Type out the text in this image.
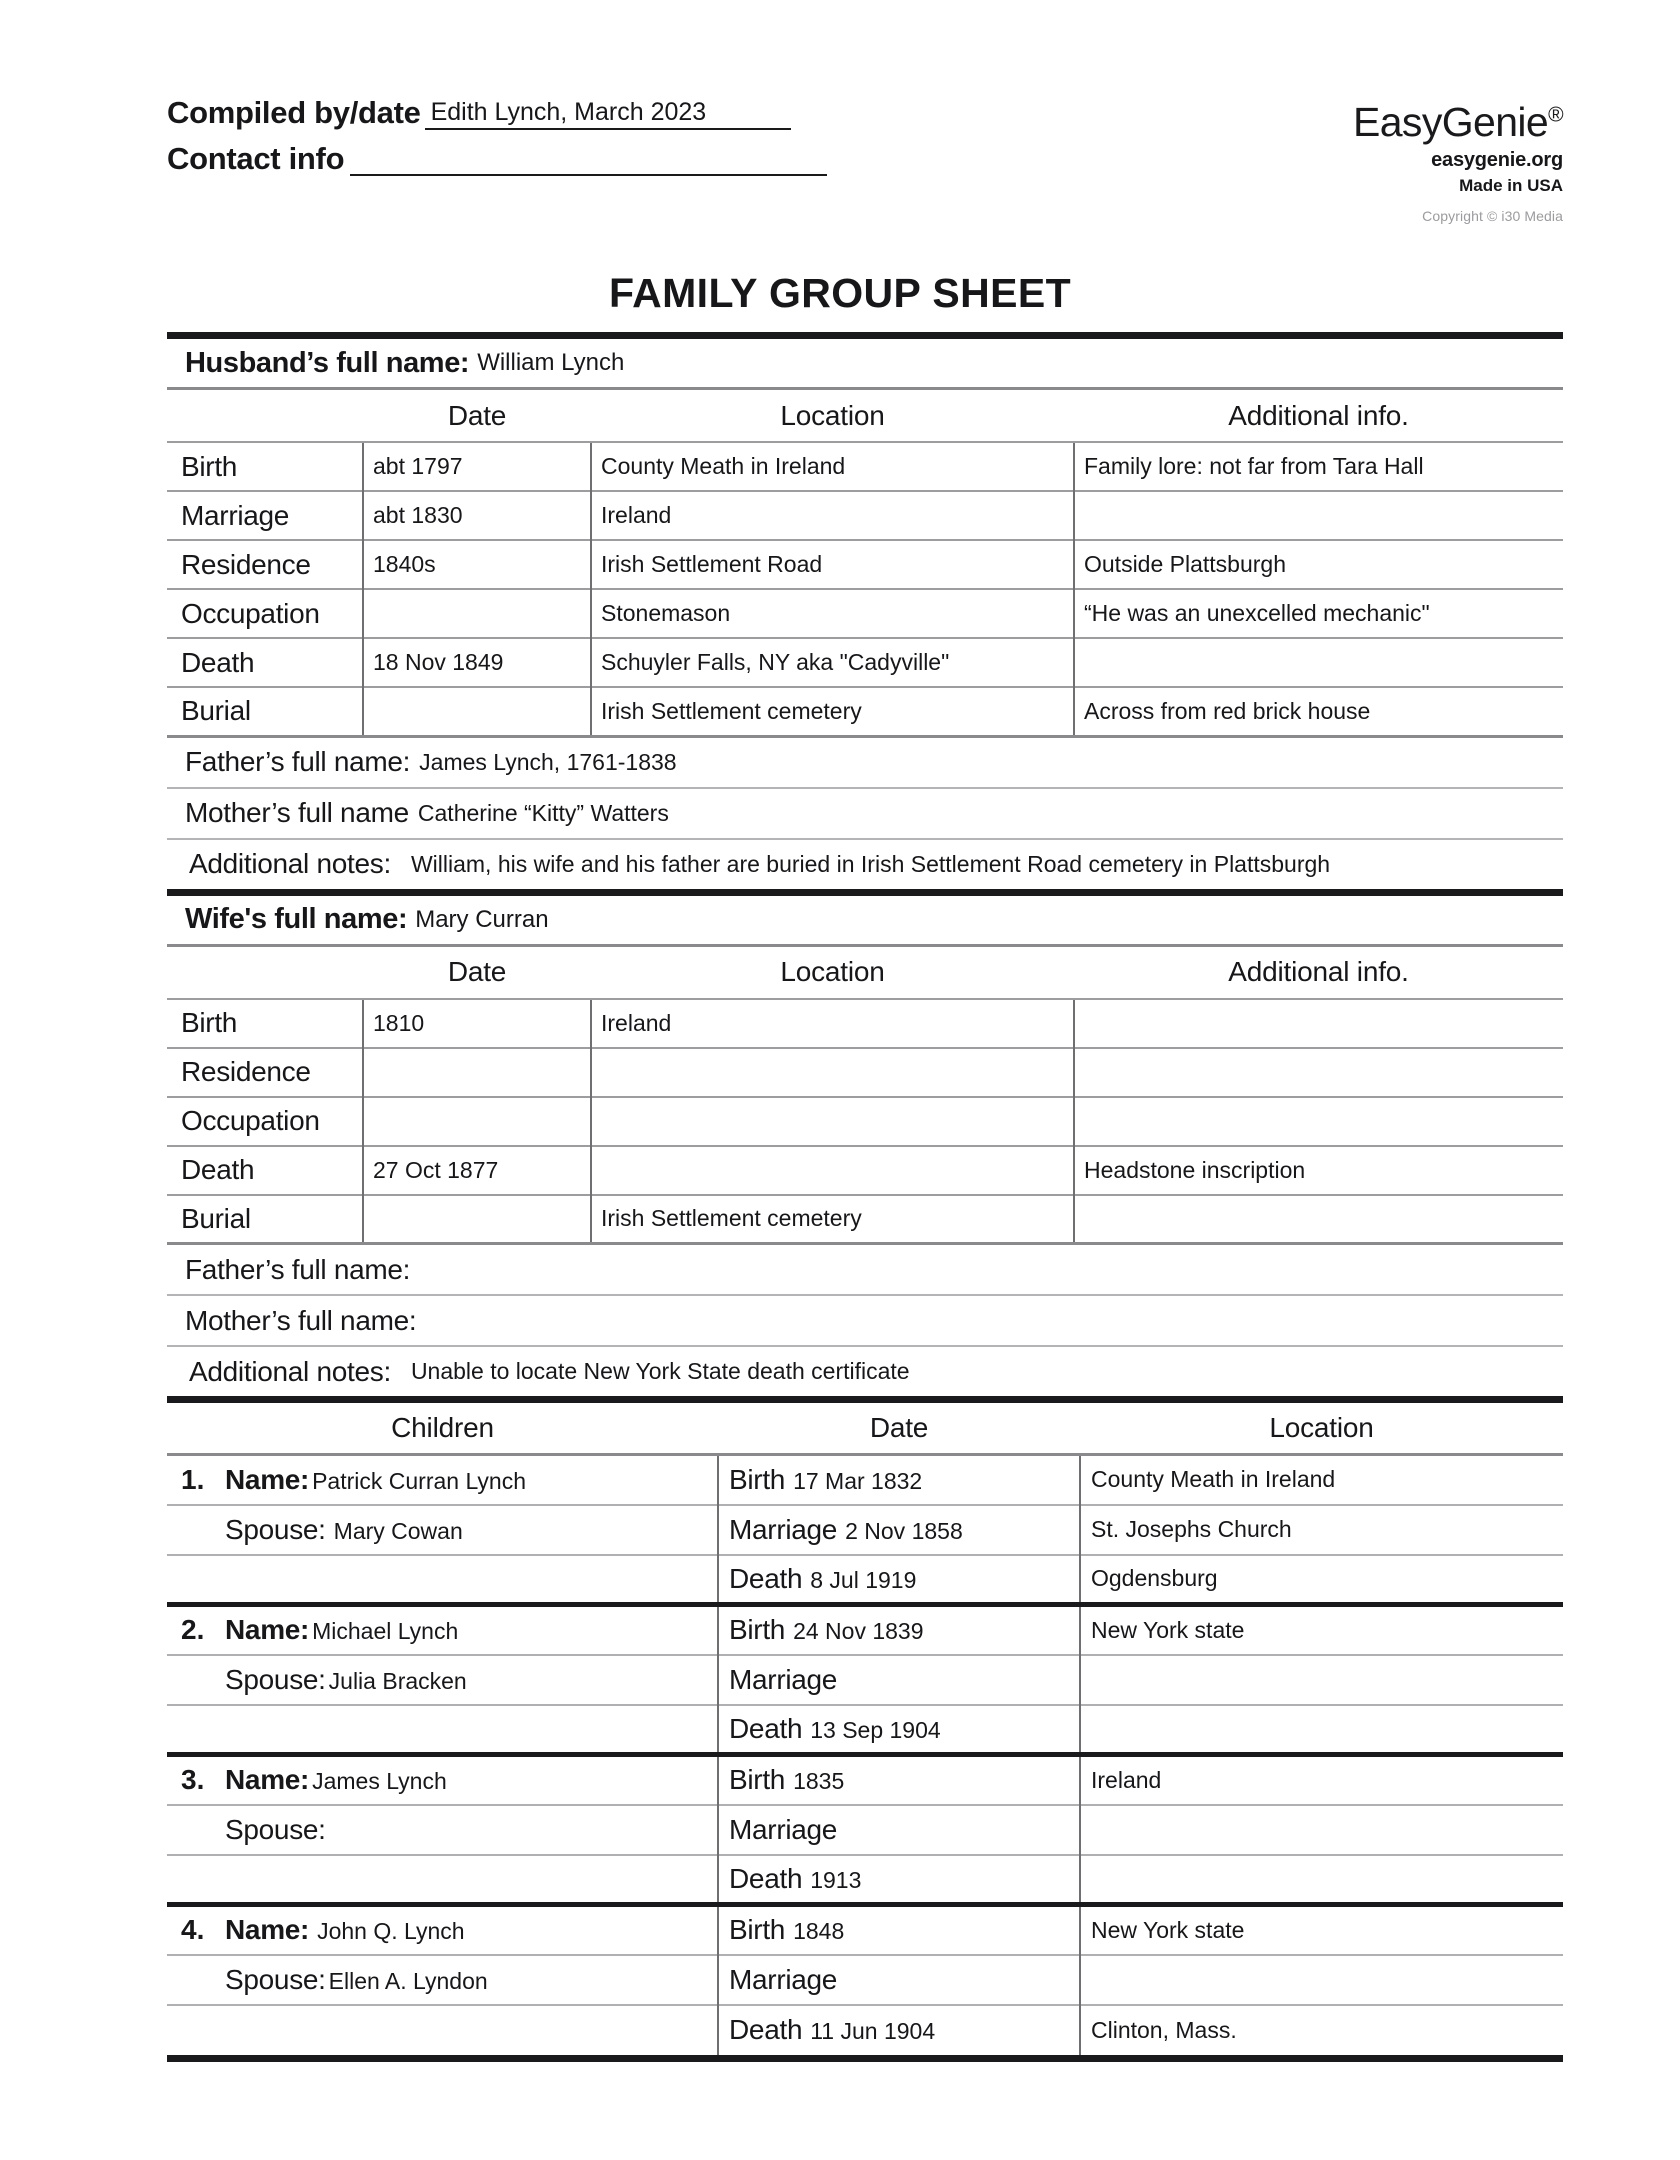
Compiled by/date Edith Lynch, March 2023
Contact info
EasyGenie®
easygenie.org
Made in USA
Copyright © i30 Media
FAMILY GROUP SHEET
Husband’s full name: William Lynch
	Date	Location	Additional info.
Birth	abt 1797	County Meath in Ireland	Family lore: not far from Tara Hall
Marriage	abt 1830	Ireland	
Residence	1840s	Irish Settlement Road	Outside Plattsburgh
Occupation		Stonemason	“He was an unexcelled mechanic"
Death	18 Nov 1849	Schuyler Falls, NY aka "Cadyville"	
Burial		Irish Settlement cemetery	Across from red brick house
Father’s full name: James Lynch, 1761-1838
Mother’s full name Catherine “Kitty” Watters
Additional notes: William, his wife and his father are buried in Irish Settlement Road cemetery in Plattsburgh
Wife's full name: Mary Curran
	Date	Location	Additional info.
Birth	1810	Ireland	
Residence			
Occupation			
Death	27 Oct 1877		Headstone inscription
Burial		Irish Settlement cemetery	
Father’s full name:
Mother’s full name:
Additional notes: Unable to locate New York State death certificate
Children	Date	Location
1. Name: Patrick Curran Lynch	Birth 17 Mar 1832	County Meath in Ireland
Spouse: Mary Cowan	Marriage 2 Nov 1858	St. Josephs Church
	Death 8 Jul 1919	Ogdensburg
2. Name: Michael Lynch	Birth 24 Nov 1839	New York state
Spouse: Julia Bracken	Marriage	
	Death 13 Sep 1904	
3. Name: James Lynch	Birth 1835	Ireland
Spouse:	Marriage	
	Death 1913	
4. Name: John Q. Lynch	Birth 1848	New York state
Spouse: Ellen A. Lyndon	Marriage	
	Death 11 Jun 1904	Clinton, Mass.
